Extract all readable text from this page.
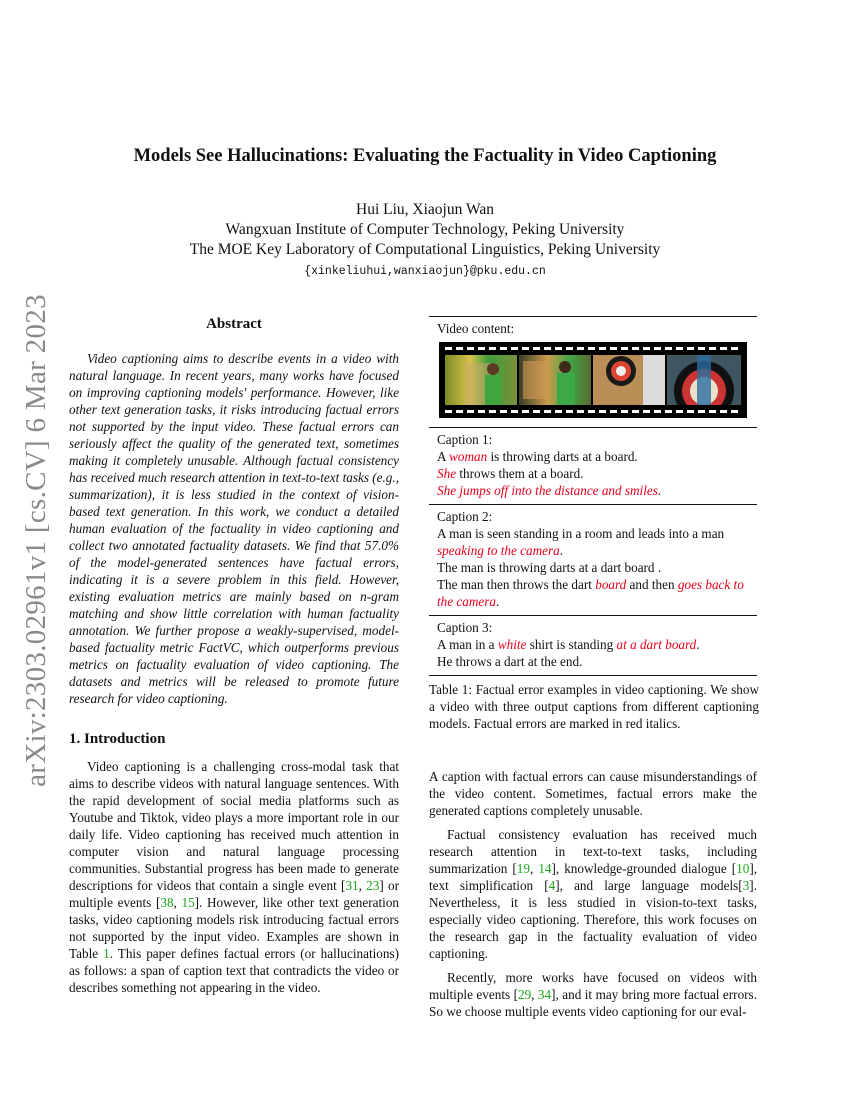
Models See Hallucinations: Evaluating the Factuality in Video Captioning
Hui Liu, Xiaojun Wan
Wangxuan Institute of Computer Technology, Peking University
The MOE Key Laboratory of Computational Linguistics, Peking University
{xinkeliuhui,wanxiaojun}@pku.edu.cn
arXiv:2303.02961v1 [cs.CV] 6 Mar 2023	Abstract
Video captioning aims to describe events in a video with natural language. In recent years, many works have focused on improving captioning models' performance. However, like other text generation tasks, it risks introducing factual errors not supported by the input video. These factual errors can seriously affect the quality of the generated text, sometimes making it completely unusable. Although factual consistency has received much research attention in text-to-text tasks (e.g., summarization), it is less studied in the context of vision-based text generation. In this work, we conduct a detailed human evaluation of the factuality in video captioning and collect two annotated factuality datasets. We find that 57.0% of the model-generated sentences have factual errors, indicating it is a severe problem in this field. However, existing evaluation metrics are mainly based on n-gram matching and show little correlation with human factuality annotation. We further propose a weakly-supervised, model-based factuality metric FactVC, which outperforms previous metrics on factuality evaluation of video captioning. The datasets and metrics will be released to promote future research for video captioning.
1. Introduction
Video captioning is a challenging cross-modal task that aims to describe videos with natural language sentences. With the rapid development of social media platforms such as Youtube and Tiktok, video plays a more important role in our daily life. Video captioning has received much attention in computer vision and natural language processing communities. Substantial progress has been made to generate descriptions for videos that contain a single event [31, 23] or multiple events [38, 15]. However, like other text generation tasks, video captioning models risk introducing factual errors not supported by the input video. Examples are shown in Table 1. This paper defines factual errors (or hallucinations) as follows: a span of caption text that contradicts the video or describes something not appearing in the video.
Video content:
Caption 1:
A woman is throwing darts at a board.
She throws them at a board.
She jumps off into the distance and smiles.
Caption 2:
A man is seen standing in a room and leads into a man speaking to the camera.
The man is throwing darts at a dart board .
The man then throws the dart board and then goes back to the camera.
Caption 3:
A man in a white shirt is standing at a dart board.
He throws a dart at the end.
Table 1: Factual error examples in video captioning. We show a video with three output captions from different captioning models. Factual errors are marked in red italics.

A caption with factual errors can cause misunderstandings of the video content. Sometimes, factual errors make the generated captions completely unusable.

Factual consistency evaluation has received much research attention in text-to-text tasks, including summarization [19, 14], knowledge-grounded dialogue [10], text simplification [4], and large language models[3]. Nevertheless, it is less studied in vision-to-text tasks, especially video captioning. Therefore, this work focuses on the research gap in the factuality evaluation of video captioning.

Recently, more works have focused on videos with multiple events [29, 34], and it may bring more factual errors. So we choose multiple events video captioning for our eval-
